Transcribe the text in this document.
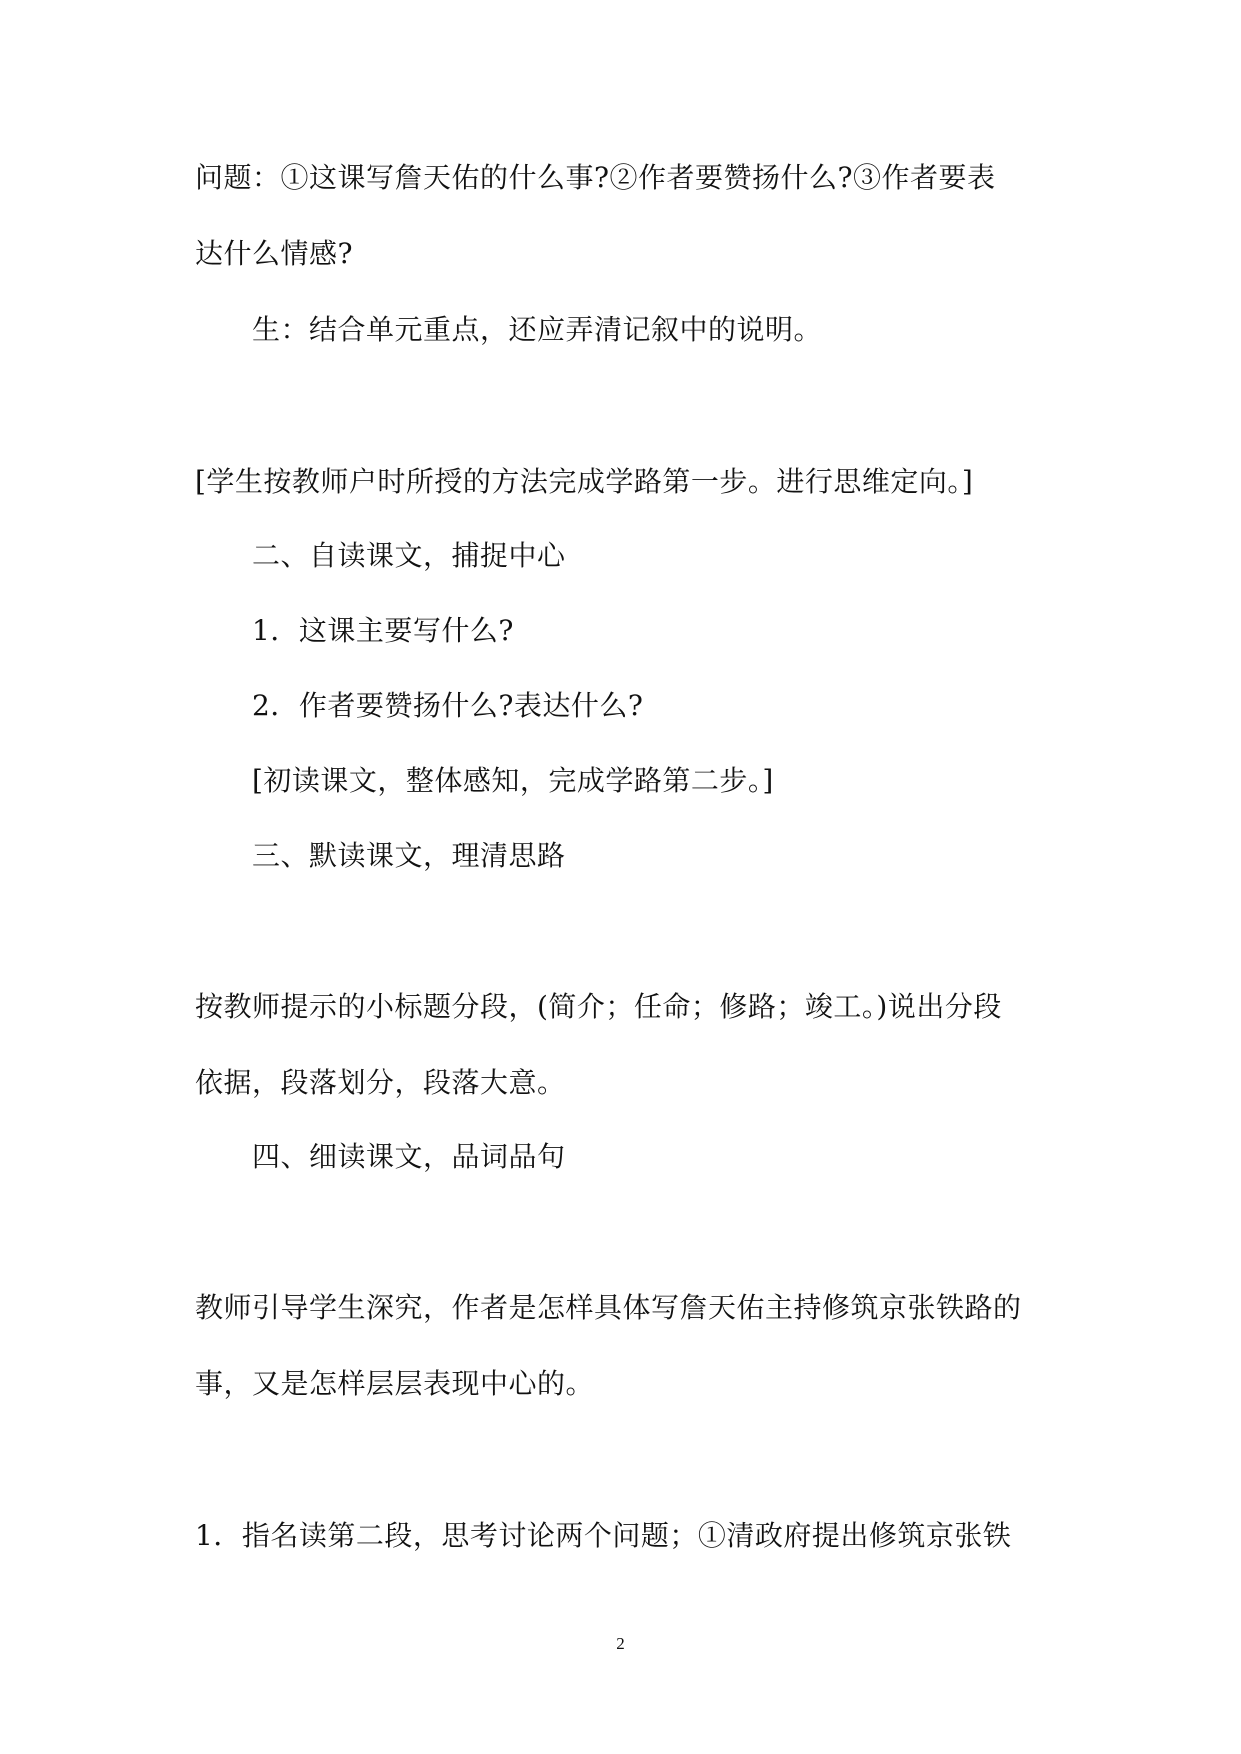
问题：①这课写詹天佑的什么事?②作者要赞扬什么?③作者要表
达什么情感?
生：结合单元重点，还应弄清记叙中的说明。
[学生按教师户时所授的方法完成学路第一步。进行思维定向。]
二、自读课文，捕捉中心
1．这课主要写什么?
2．作者要赞扬什么?表达什么?
[初读课文，整体感知，完成学路第二步。]
三、默读课文，理清思路
按教师提示的小标题分段，(简介；任命；修路；竣工。)说出分段
依据，段落划分，段落大意。
四、细读课文，品词品句
教师引导学生深究，作者是怎样具体写詹天佑主持修筑京张铁路的
事，又是怎样层层表现中心的。
1．指名读第二段，思考讨论两个问题；①清政府提出修筑京张铁
2
